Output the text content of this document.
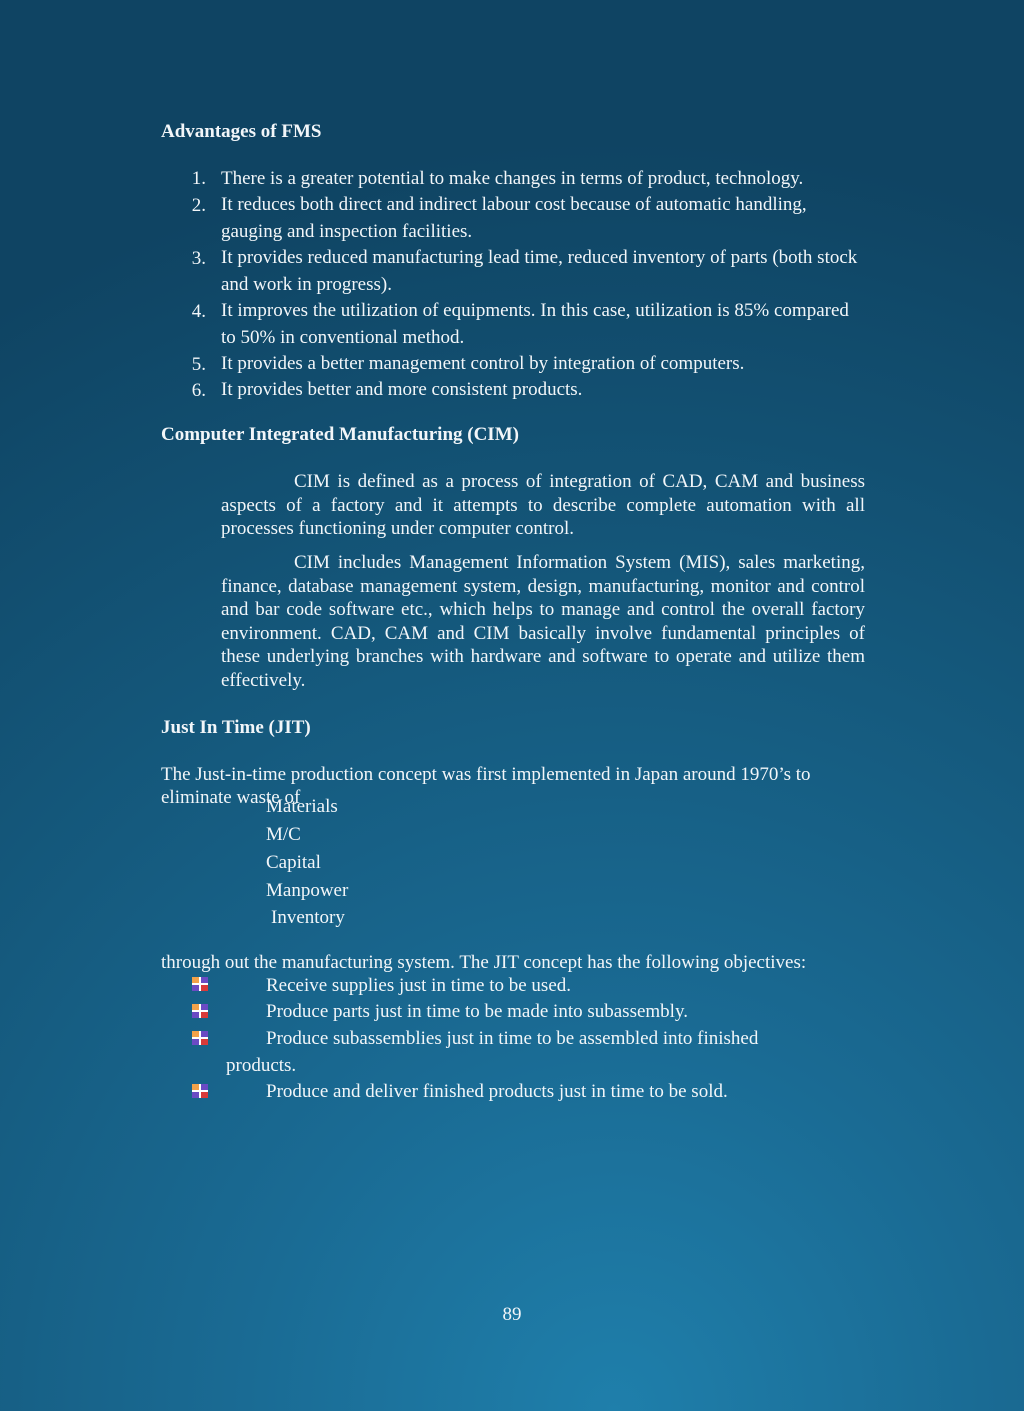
Advantages of FMS
1. There is a greater potential to make changes in terms of product, technology.
2. It reduces both direct and indirect labour cost because of automatic handling, gauging and inspection facilities.
3. It provides reduced manufacturing lead time, reduced inventory of parts (both stock and work in progress).
4. It improves the utilization of equipments. In this case, utilization is 85% compared to 50% in conventional method.
5. It provides a better management control by integration of computers.
6. It provides better and more consistent products.
Computer Integrated Manufacturing (CIM)
CIM is defined as a process of integration of CAD, CAM and business aspects of a factory and it attempts to describe complete automation with all processes functioning under computer control.
CIM includes Management Information System (MIS), sales marketing, finance, database management system, design, manufacturing, monitor and control and bar code software etc., which helps to manage and control the overall factory environment. CAD, CAM and CIM basically involve fundamental principles of these underlying branches with hardware and software to operate and utilize them effectively.
Just In Time (JIT)
The Just-in-time production concept was first implemented in Japan around 1970’s to
eliminate waste of
Materials
M/C
Capital
Manpower
Inventory
through out the manufacturing system. The JIT concept has the following objectives:
Receive supplies just in time to be used.
Produce parts just in time to be made into subassembly.
Produce subassemblies just in time to be assembled into finished
products.
Produce and deliver finished products just in time to be sold.
89
